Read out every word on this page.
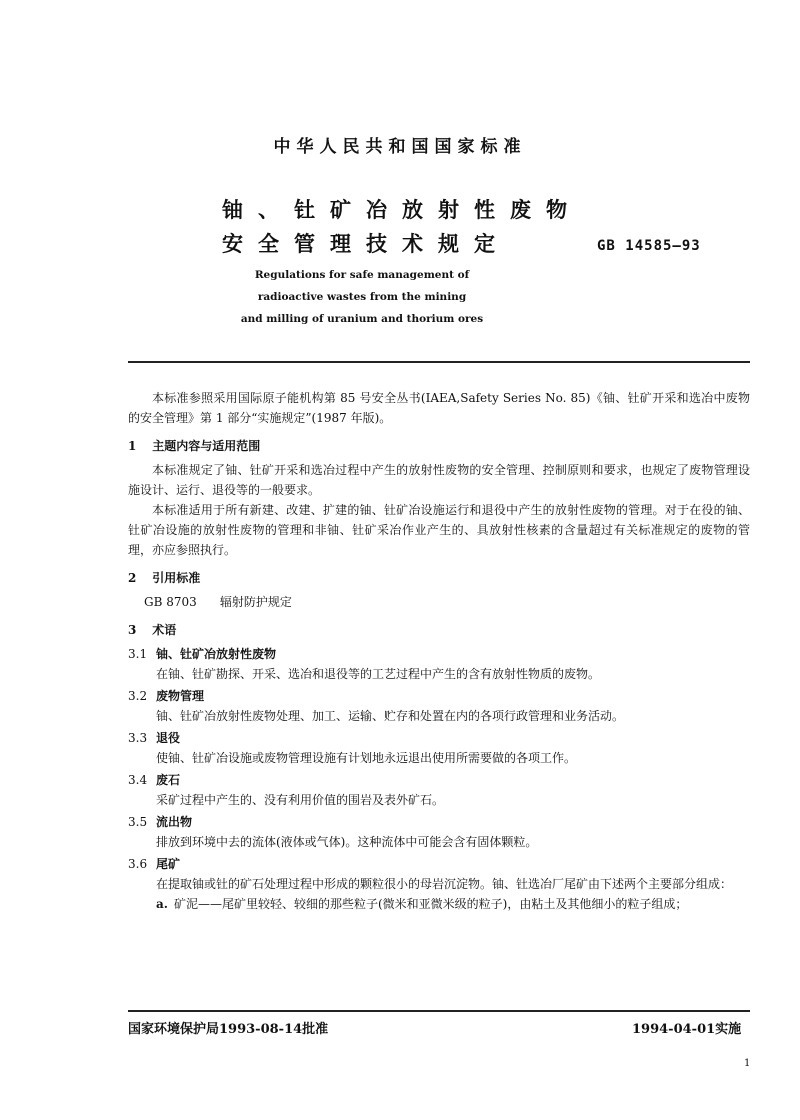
中华人民共和国国家标准
铀、钍矿冶放射性废物
安全管理技术规定	GB 14585—93
Regulations for safe management of
radioactive wastes from the mining
and milling of uranium and thorium ores

本标准参照采用国际原子能机构第 85 号安全丛书(IAEA,Safety Series No. 85)《铀、钍矿开采和选冶中废物的安全管理》第 1 部分“实施规定”(1987 年版)。

1 主题内容与适用范围

本标准规定了铀、钍矿开采和选冶过程中产生的放射性废物的安全管理、控制原则和要求，也规定了废物管理设施设计、运行、退役等的一般要求。

本标准适用于所有新建、改建、扩建的铀、钍矿冶设施运行和退役中产生的放射性废物的管理。对于在役的铀、钍矿冶设施的放射性废物的管理和非铀、钍矿采冶作业产生的、具放射性核素的含量超过有关标准规定的废物的管理，亦应参照执行。

2 引用标准
GB 8703 辐射防护规定
3 术语
3.1 铀、钍矿冶放射性废物
在铀、钍矿勘探、开采、选冶和退役等的工艺过程中产生的含有放射性物质的废物。
3.2 废物管理
铀、钍矿冶放射性废物处理、加工、运输、贮存和处置在内的各项行政管理和业务活动。
3.3 退役
使铀、钍矿冶设施或废物管理设施有计划地永远退出使用所需要做的各项工作。
3.4 废石
采矿过程中产生的、没有利用价值的围岩及表外矿石。
3.5 流出物
排放到环境中去的流体(液体或气体)。这种流体中可能会含有固体颗粒。
3.6 尾矿
在提取铀或钍的矿石处理过程中形成的颗粒很小的母岩沉淀物。铀、钍选冶厂尾矿由下述两个主要部分组成：
a. 矿泥——尾矿里较轻、较细的那些粒子(微米和亚微米级的粒子)，由粘土及其他细小的粒子组成；
国家环境保护局1993-08-14批准	1994-04-01实施
1
